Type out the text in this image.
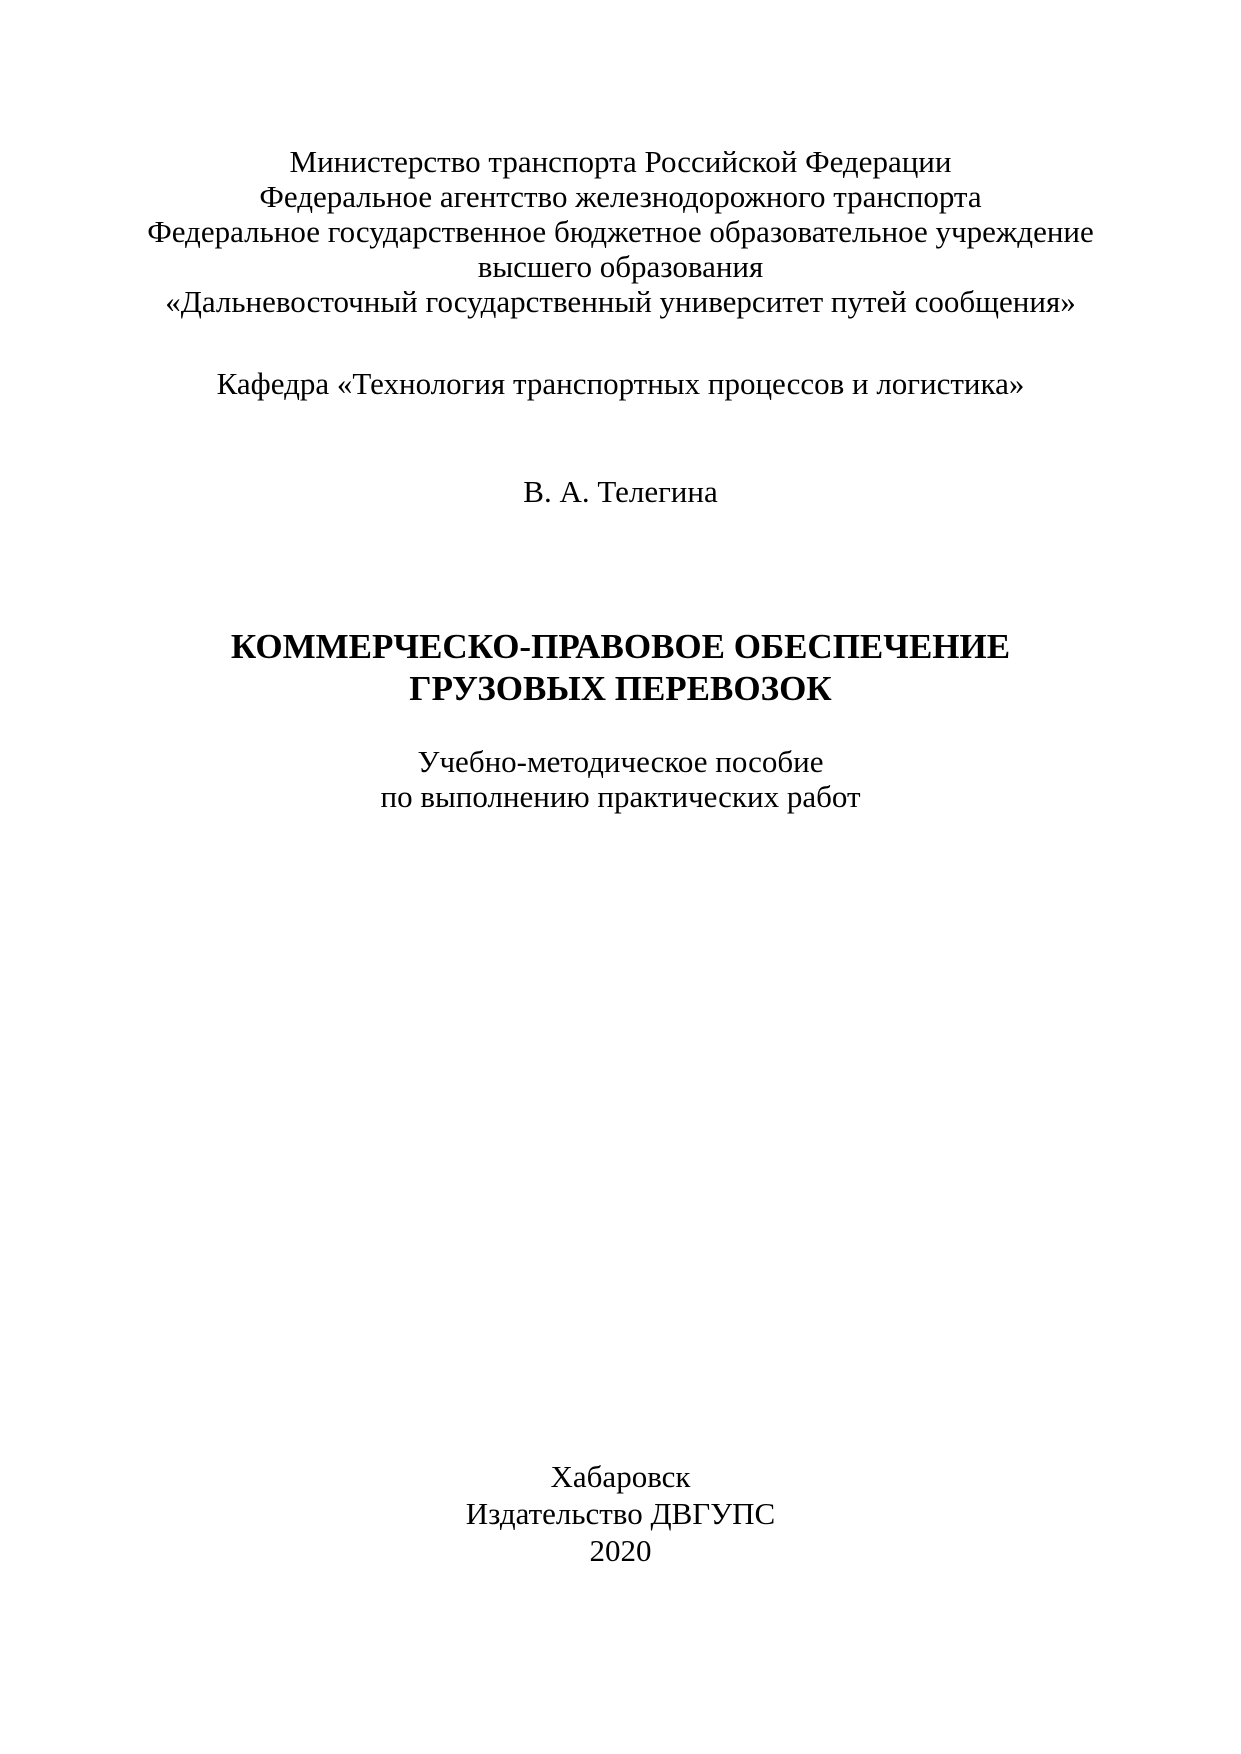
Министерство транспорта Российской Федерации
Федеральное агентство железнодорожного транспорта
Федеральное государственное бюджетное образовательное учреждение
высшего образования
«Дальневосточный государственный университет путей сообщения»
Кафедра «Технология транспортных процессов и логистика»
В. А. Телегина
КОММЕРЧЕСКО-ПРАВОВОЕ ОБЕСПЕЧЕНИЕ
ГРУЗОВЫХ ПЕРЕВОЗОК
Учебно-методическое пособие
по выполнению практических работ
Хабаровск
Издательство ДВГУПС
2020
